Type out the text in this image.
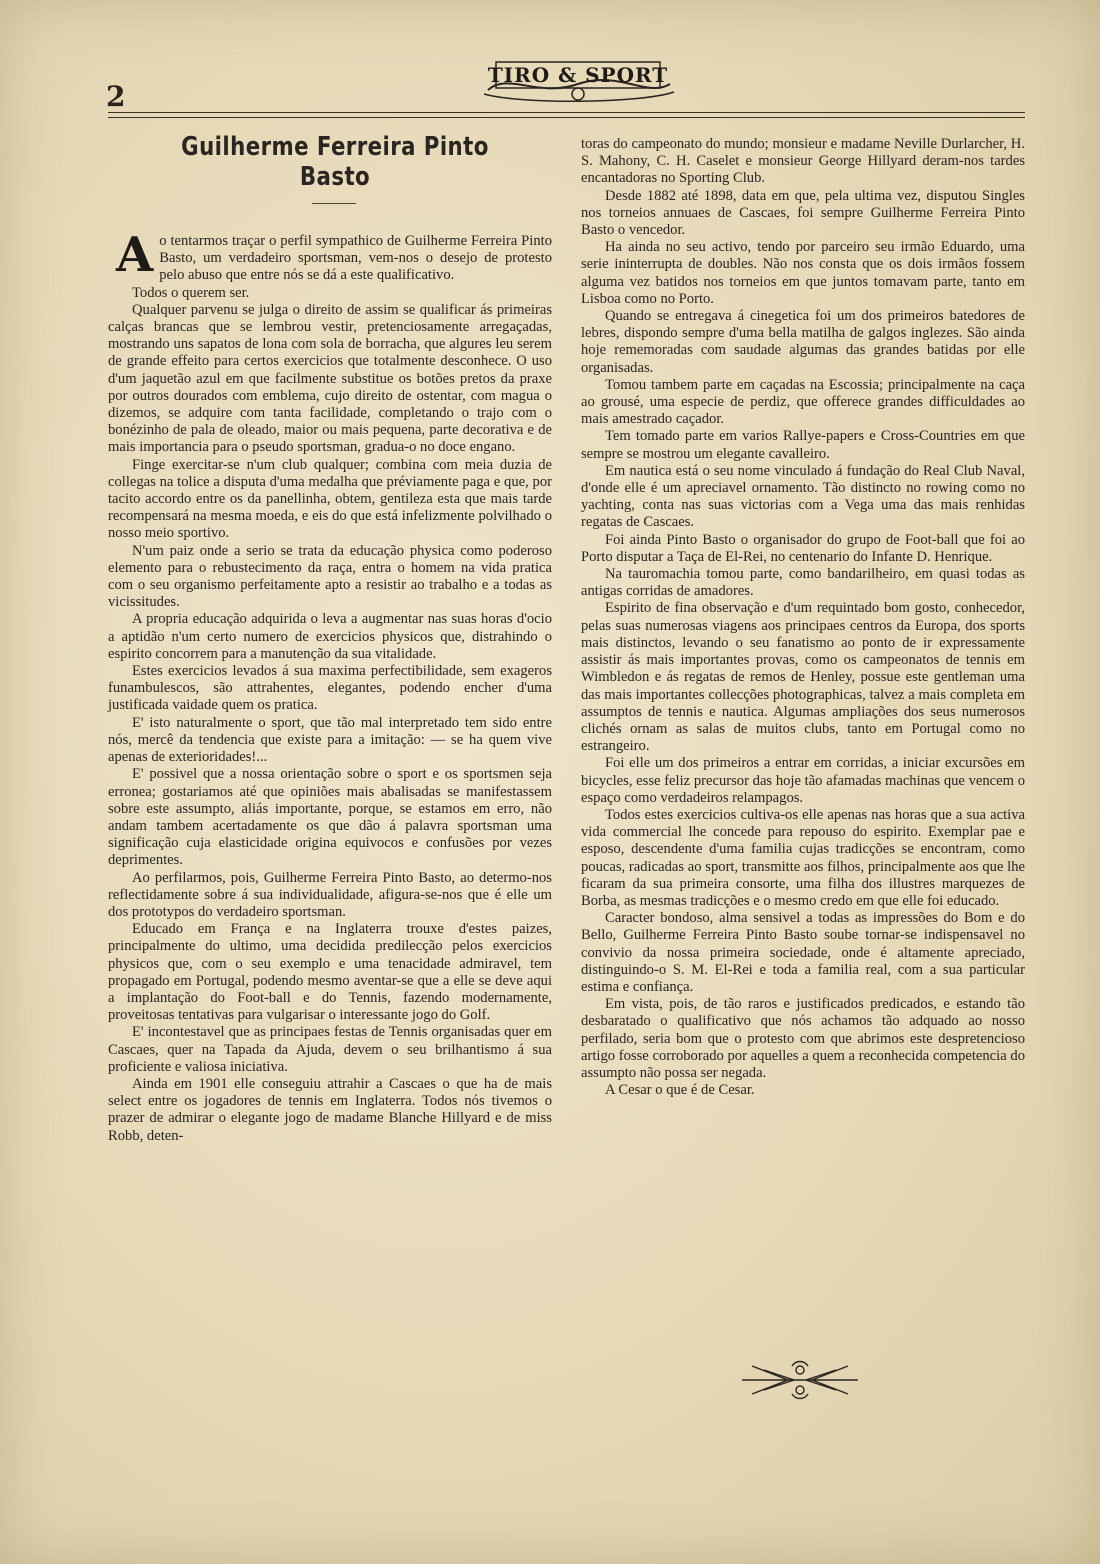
2
TIRO & SPORT
Guilherme Ferreira Pinto Basto

Ao tentarmos traçar o perfil sympathico de Guilherme Ferreira Pinto Basto, um verdadeiro sportsman, vem-nos o desejo de protesto pelo abuso que entre nós se dá a este qualificativo.

Todos o querem ser.

Qualquer parvenu se julga o direito de assim se qualificar ás primeiras calças brancas que se lembrou vestir, pretenciosamente arregaçadas, mostrando uns sapatos de lona com sola de borracha, que algures leu serem de grande effeito para certos exercicios que totalmente desconhece. O uso d'um jaquetão azul em que facilmente substitue os botões pretos da praxe por outros dourados com emblema, cujo direito de ostentar, com magua o dizemos, se adquire com tanta facilidade, completando o trajo com o bonézinho de pala de oleado, maior ou mais pequena, parte decorativa e de mais importancia para o pseudo sportsman, gradua-o no doce engano.

Finge exercitar-se n'um club qualquer; combina com meia duzia de collegas na tolice a disputa d'uma medalha que préviamente paga e que, por tacito accordo entre os da panellinha, obtem, gentileza esta que mais tarde recompensará na mesma moeda, e eis do que está infelizmente polvilhado o nosso meio sportivo.

N'um paiz onde a serio se trata da educação physica como poderoso elemento para o rebustecimento da raça, entra o homem na vida pratica com o seu organismo perfeitamente apto a resistir ao trabalho e a todas as vicissitudes.

A propria educação adquirida o leva a augmentar nas suas horas d'ocio a aptidão n'um certo numero de exercicios physicos que, distrahindo o espirito concorrem para a manutenção da sua vitalidade.

Estes exercicios levados á sua maxima perfectibilidade, sem exageros funambulescos, são attrahentes, elegantes, podendo encher d'uma justificada vaidade quem os pratica.

E' isto naturalmente o sport, que tão mal interpretado tem sido entre nós, mercê da tendencia que existe para a imitação: — se ha quem vive apenas de exterioridades!...

E' possivel que a nossa orientação sobre o sport e os sportsmen seja erronea; gostariamos até que opiniões mais abalisadas se manifestassem sobre este assumpto, aliás importante, porque, se estamos em erro, não andam tambem acertadamente os que dão á palavra sportsman uma significação cuja elasticidade origina equivocos e confusões por vezes deprimentes.

Ao perfilarmos, pois, Guilherme Ferreira Pinto Basto, ao determo-nos reflectidamente sobre á sua individualidade, afigura-se-nos que é elle um dos prototypos do verdadeiro sportsman.

Educado em França e na Inglaterra trouxe d'estes paizes, principalmente do ultimo, uma decidida predilecção pelos exercicios physicos que, com o seu exemplo e uma tenacidade admiravel, tem propagado em Portugal, podendo mesmo aventar-se que a elle se deve aqui a implantação do Foot-ball e do Tennis, fazendo modernamente, proveitosas tentativas para vulgarisar o interessante jogo do Golf.

E' incontestavel que as principaes festas de Tennis organisadas quer em Cascaes, quer na Tapada da Ajuda, devem o seu brilhantismo á sua proficiente e valiosa iniciativa.

Ainda em 1901 elle conseguiu attrahir a Cascaes o que ha de mais select entre os jogadores de tennis em Inglaterra. Todos nós tivemos o prazer de admirar o elegante jogo de madame Blanche Hillyard e de miss Robb, deten-

toras do campeonato do mundo; monsieur e madame Neville Durlarcher, H. S. Mahony, C. H. Caselet e monsieur George Hillyard deram-nos tardes encantadoras no Sporting Club.

Desde 1882 até 1898, data em que, pela ultima vez, disputou Singles nos torneios annuaes de Cascaes, foi sempre Guilherme Ferreira Pinto Basto o vencedor.

Ha ainda no seu activo, tendo por parceiro seu irmão Eduardo, uma serie ininterrupta de doubles. Não nos consta que os dois irmãos fossem alguma vez batidos nos torneios em que juntos tomavam parte, tanto em Lisboa como no Porto.

Quando se entregava á cinegetica foi um dos primeiros batedores de lebres, dispondo sempre d'uma bella matilha de galgos inglezes. São ainda hoje rememoradas com saudade algumas das grandes batidas por elle organisadas.

Tomou tambem parte em caçadas na Escossia; principalmente na caça ao grousé, uma especie de perdiz, que offerece grandes difficuldades ao mais amestrado caçador.

Tem tomado parte em varios Rallye-papers e Cross-Countries em que sempre se mostrou um elegante cavalleiro.

Em nautica está o seu nome vinculado á fundação do Real Club Naval, d'onde elle é um apreciavel ornamento. Tão distincto no rowing como no yachting, conta nas suas victorias com a Vega uma das mais renhidas regatas de Cascaes.

Foi ainda Pinto Basto o organisador do grupo de Foot-ball que foi ao Porto disputar a Taça de El-Rei, no centenario do Infante D. Henrique.

Na tauromachia tomou parte, como bandarilheiro, em quasi todas as antigas corridas de amadores.

Espirito de fina observação e d'um requintado bom gosto, conhecedor, pelas suas numerosas viagens aos principaes centros da Europa, dos sports mais distinctos, levando o seu fanatismo ao ponto de ir expressamente assistir ás mais importantes provas, como os campeonatos de tennis em Wimbledon e ás regatas de remos de Henley, possue este gentleman uma das mais importantes collecções photographicas, talvez a mais completa em assumptos de tennis e nautica. Algumas ampliações dos seus numerosos clichés ornam as salas de muitos clubs, tanto em Portugal como no estrangeiro.

Foi elle um dos primeiros a entrar em corridas, a iniciar excursões em bicycles, esse feliz precursor das hoje tão afamadas machinas que vencem o espaço como verdadeiros relampagos.

Todos estes exercicios cultiva-os elle apenas nas horas que a sua activa vida commercial lhe concede para repouso do espirito. Exemplar pae e esposo, descendente d'uma familia cujas tradicções se encontram, como poucas, radicadas ao sport, transmitte aos filhos, principalmente aos que lhe ficaram da sua primeira consorte, uma filha dos illustres marquezes de Borba, as mesmas tradicções e o mesmo credo em que elle foi educado.

Caracter bondoso, alma sensivel a todas as impressões do Bom e do Bello, Guilherme Ferreira Pinto Basto soube tornar-se indispensavel no convivio da nossa primeira sociedade, onde é altamente apreciado, distinguindo-o S. M. El-Rei e toda a familia real, com a sua particular estima e confiança.

Em vista, pois, de tão raros e justificados predicados, e estando tão desbaratado o qualificativo que nós achamos tão adquado ao nosso perfilado, seria bom que o protesto com que abrimos este despretencioso artigo fosse corroborado por aquelles a quem a reconhecida competencia do assumpto não possa ser negada.

A Cesar o que é de Cesar.
